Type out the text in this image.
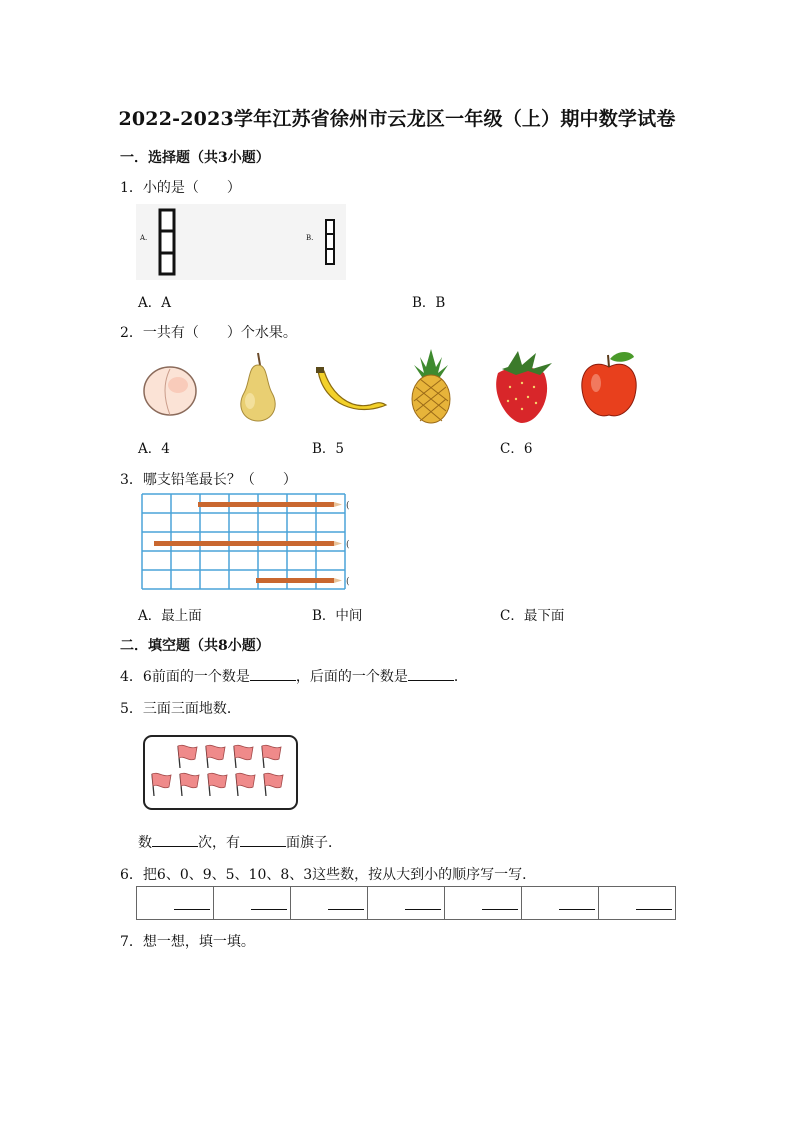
2022-2023学年江苏省徐州市云龙区一年级（上）期中数学试卷
一．选择题（共3小题）
1．小的是（　　）
A.	B.
A．A	B．B
2．一共有（　　）个水果。
A．4	B．5	C．6
3．哪支铅笔最长？（　　）
(
(
(
A．最上面	B．中间	C．最下面
二．填空题（共8小题）
4．6前面的一个数是	，后面的一个数是	．
5．三面三面地数．
数	次，有	面旗子．
6．把6、0、9、5、10、8、3这些数，按从大到小的顺序写一写．
7．想一想，填一填。
